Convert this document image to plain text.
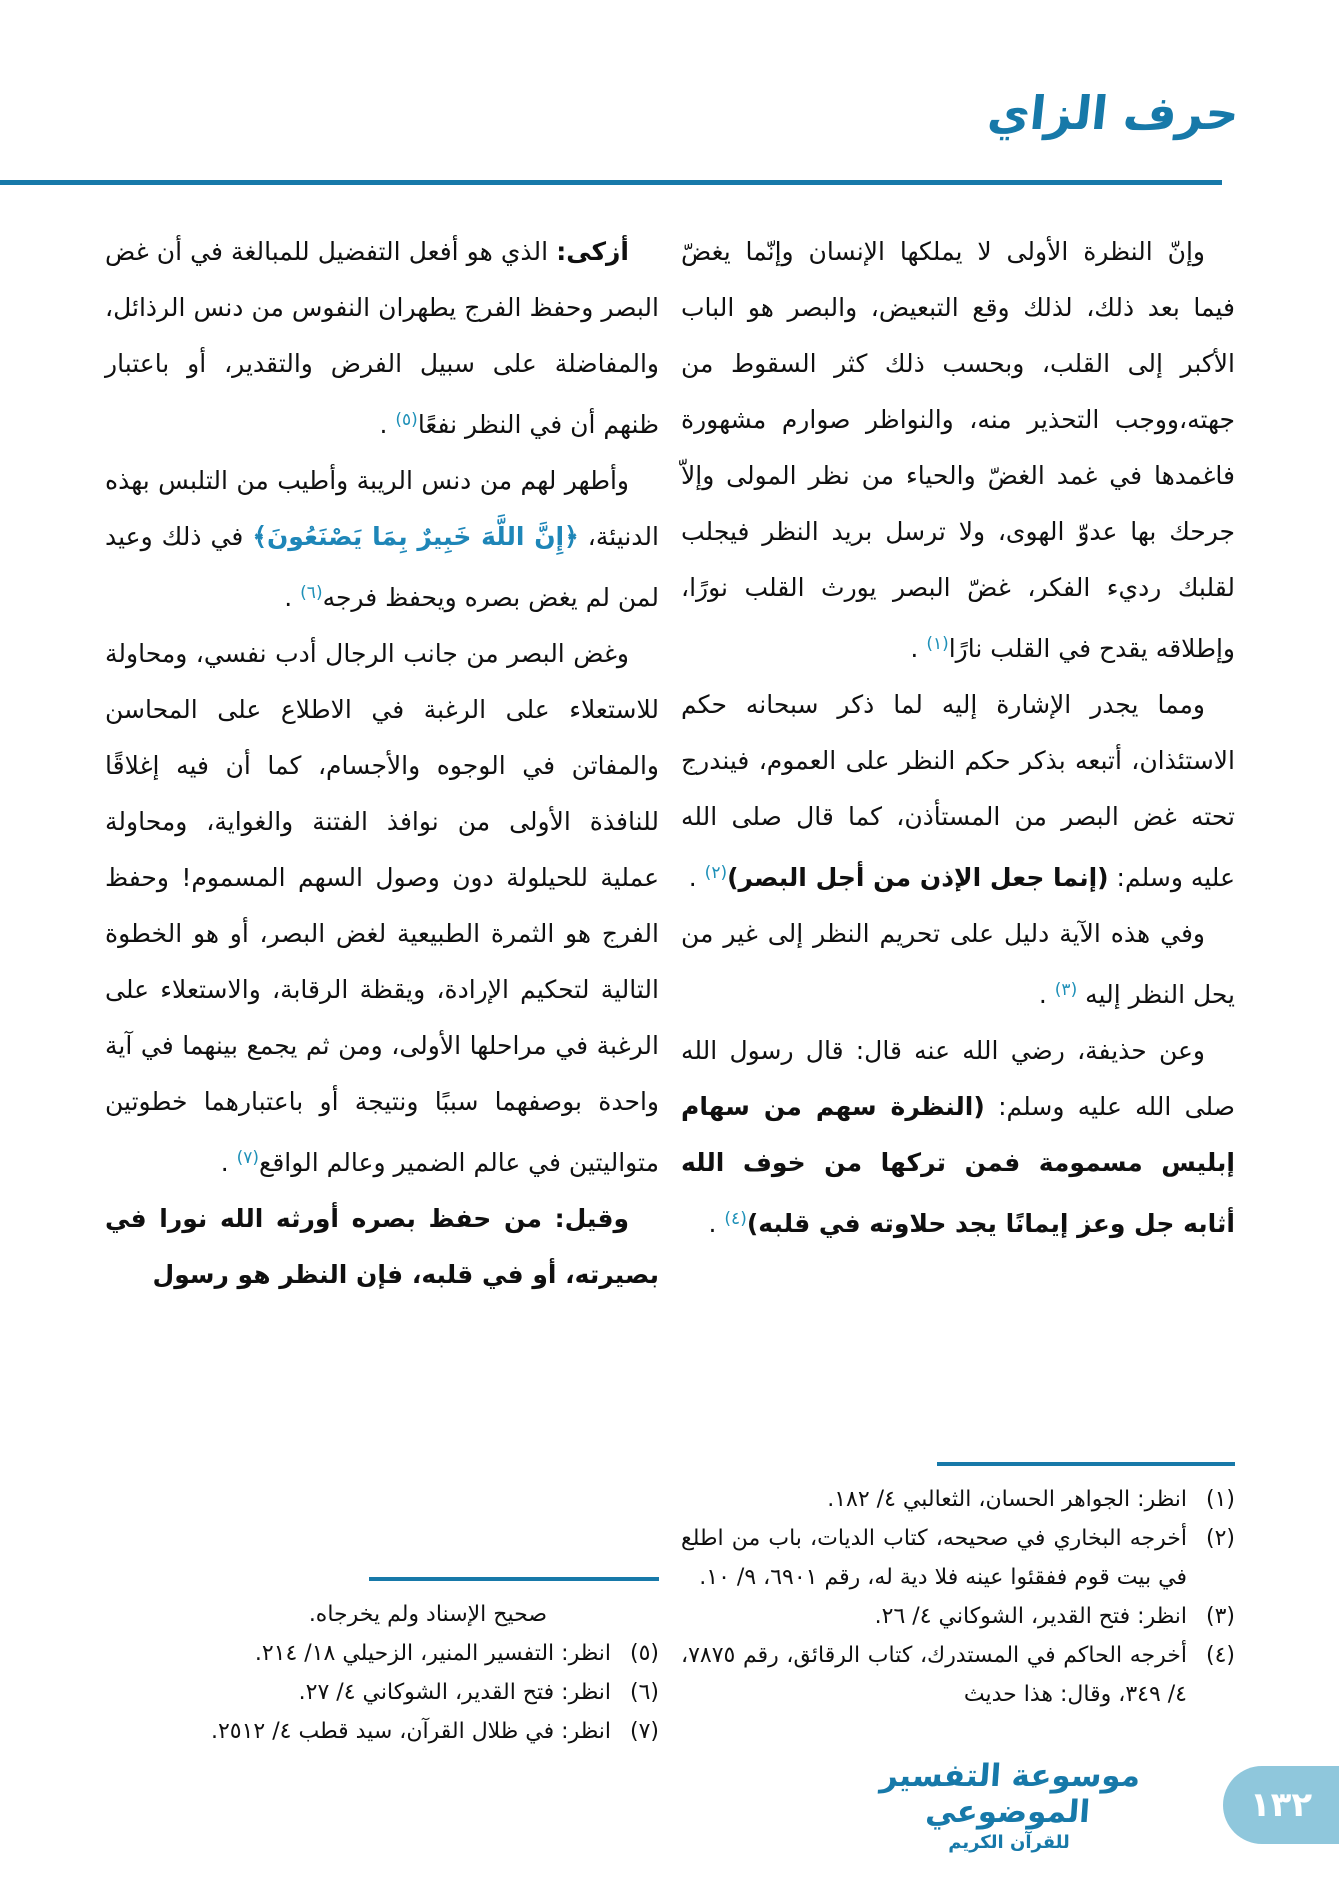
حرف الزاي

وإنّ النظرة الأولى لا يملكها الإنسان وإنّما يغضّ فيما بعد ذلك، لذلك وقع التبعيض، والبصر هو الباب الأكبر إلى القلب، وبحسب ذلك كثر السقوط من جهته،ووجب التحذير منه، والنواظر صوارم مشهورة فاغمدها في غمد الغضّ والحياء من نظر المولى وإلاّ جرحك بها عدوّ الهوى، ولا ترسل بريد النظر فيجلب لقلبك رديء الفكر، غضّ البصر يورث القلب نورًا، وإطلاقه يقدح في القلب نارًا$^{(١)}$ .

ومما يجدر الإشارة إليه لما ذكر سبحانه حكم الاستئذان، أتبعه بذكر حكم النظر على العموم، فيندرج تحته غض البصر من المستأذن، كما قال صلى الله عليه وسلم: (إنما جعل الإذن من أجل البصر)$^{(٢)}$ .

وفي هذه الآية دليل على تحريم النظر إلى غير من يحل النظر إليه $^{(٣)}$ .

وعن حذيفة، رضي الله عنه قال: قال رسول الله صلى الله عليه وسلم: (النظرة سهم من سهام إبليس مسمومة فمن تركها من خوف الله أثابه جل وعز إيمانًا يجد حلاوته في قلبه)$^{(٤)}$ .

(١)
انظر: الجواهر الحسان، الثعالبي ٤/ ١٨٢.
(٢)
أخرجه البخاري في صحيحه، كتاب الديات، باب من اطلع في بيت قوم ففقئوا عينه فلا دية له، رقم ٦٩٠١، ٩/ ١٠.
(٣)
انظر: فتح القدير، الشوكاني ٤/ ٢٦.
(٤)
أخرجه الحاكم في المستدرك، كتاب الرقائق، رقم ٧٨٧٥، ٤/ ٣٤٩، وقال: هذا حديث

أزكى: الذي هو أفعل التفضيل للمبالغة في أن غض البصر وحفظ الفرج يطهران النفوس من دنس الرذائل، والمفاضلة على سبيل الفرض والتقدير، أو باعتبار ظنهم أن في النظر نفعًا$^{(٥)}$ .

وأطهر لهم من دنس الريبة وأطيب من التلبس بهذه الدنيئة، ﴿إِنَّ اللَّهَ خَبِيرٌ بِمَا يَصْنَعُونَ﴾ في ذلك وعيد لمن لم يغض بصره ويحفظ فرجه$^{(٦)}$ .

وغض البصر من جانب الرجال أدب نفسي، ومحاولة للاستعلاء على الرغبة في الاطلاع على المحاسن والمفاتن في الوجوه والأجسام، كما أن فيه إغلاقًا للنافذة الأولى من نوافذ الفتنة والغواية، ومحاولة عملية للحيلولة دون وصول السهم المسموم! وحفظ الفرج هو الثمرة الطبيعية لغض البصر، أو هو الخطوة التالية لتحكيم الإرادة، ويقظة الرقابة، والاستعلاء على الرغبة في مراحلها الأولى، ومن ثم يجمع بينهما في آية واحدة بوصفهما سببًا ونتيجة أو باعتبارهما خطوتين متواليتين في عالم الضمير وعالم الواقع$^{(٧)}$ .

وقيل: من حفظ بصره أورثه الله نورا في بصيرته، أو في قلبه، فإن النظر هو رسول

صحيح الإسناد ولم يخرجاه.
(٥)
انظر: التفسير المنير، الزحيلي ١٨/ ٢١٤.
(٦)
انظر: فتح القدير، الشوكاني ٤/ ٢٧.
(٧)
انظر: في ظلال القرآن، سيد قطب ٤/ ٢٥١٢.
موسوعة التفسير الموضوعي
للقرآن الكريم
١٣٢
